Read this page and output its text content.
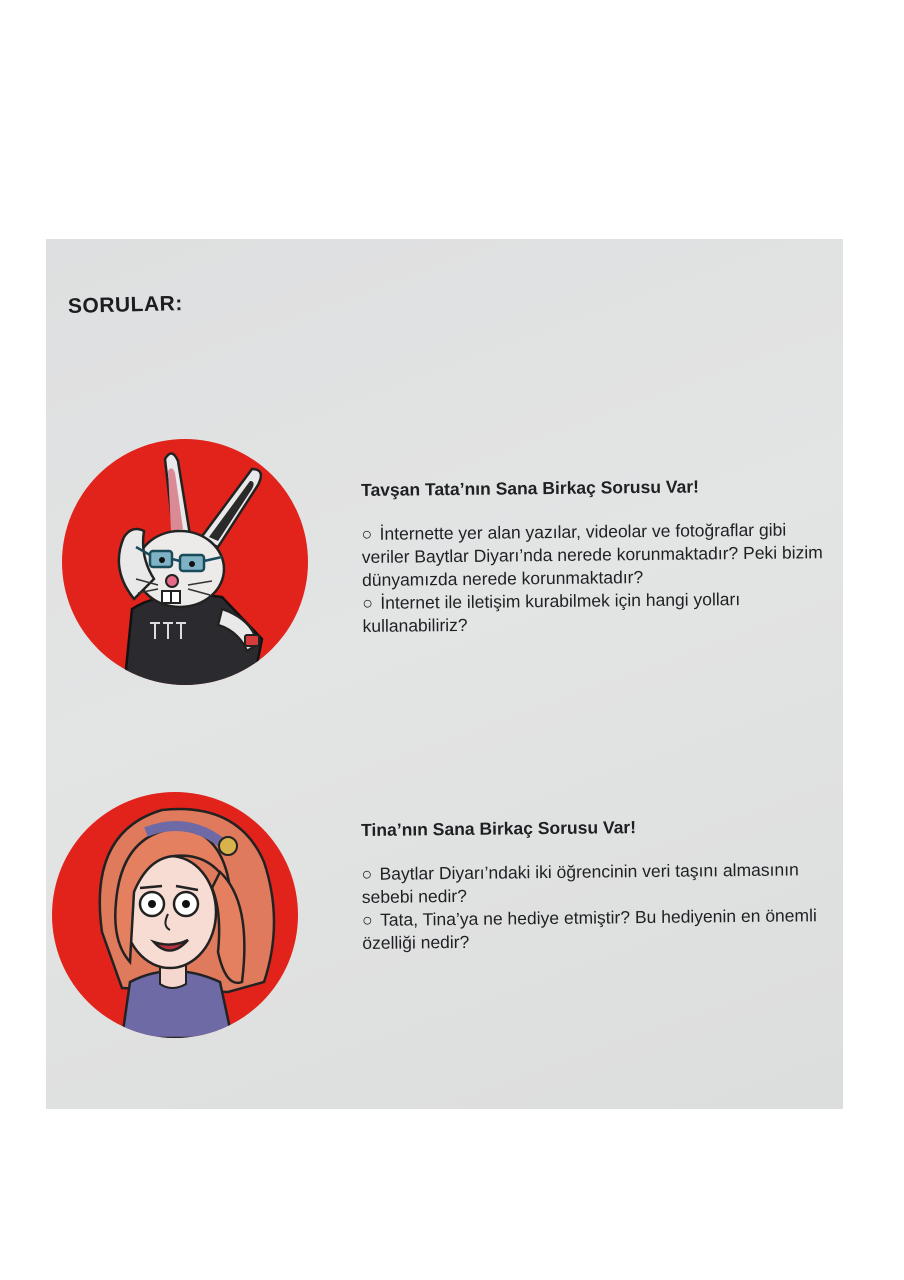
SORULAR:

Tavşan Tata’nın Sana Birkaç Sorusu Var!

○ İnternette yer alan yazılar, videolar ve fotoğraflar gibi veriler Baytlar Diyarı’nda nerede korunmaktadır? Peki bizim dünyamızda nerede korunmaktadır?

○ İnternet ile iletişim kurabilmek için hangi yolları kullanabiliriz?

Tina’nın Sana Birkaç Sorusu Var!

○ Baytlar Diyarı’ndaki iki öğrencinin veri taşını almasının sebebi nedir?

○ Tata, Tina’ya ne hediye etmiştir? Bu hediyenin en önemli özelliği nedir?
